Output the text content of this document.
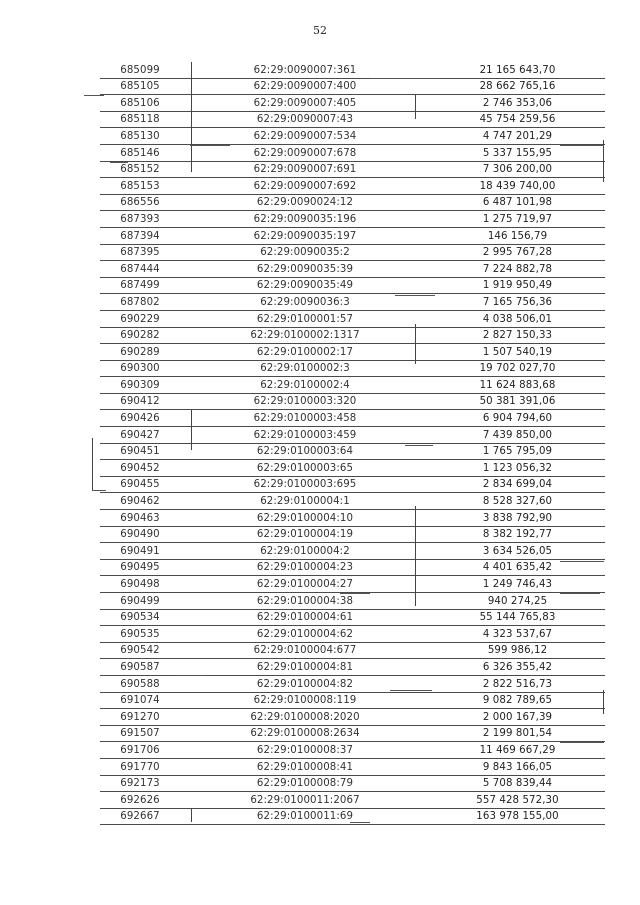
52
685099	62:29:0090007:361	21 165 643,70
685105	62:29:0090007:400	28 662 765,16
685106	62:29:0090007:405	2 746 353,06
685118	62:29:0090007:43	45 754 259,56
685130	62:29:0090007:534	4 747 201,29
685146	62:29:0090007:678	5 337 155,95
685152	62:29:0090007:691	7 306 200,00
685153	62:29:0090007:692	18 439 740,00
686556	62:29:0090024:12	6 487 101,98
687393	62:29:0090035:196	1 275 719,97
687394	62:29:0090035:197	146 156,79
687395	62:29:0090035:2	2 995 767,28
687444	62:29:0090035:39	7 224 882,78
687499	62:29:0090035:49	1 919 950,49
687802	62:29:0090036:3	7 165 756,36
690229	62:29:0100001:57	4 038 506,01
690282	62:29:0100002:1317	2 827 150,33
690289	62:29:0100002:17	1 507 540,19
690300	62:29:0100002:3	19 702 027,70
690309	62:29:0100002:4	11 624 883,68
690412	62:29:0100003:320	50 381 391,06
690426	62:29:0100003:458	6 904 794,60
690427	62:29:0100003:459	7 439 850,00
690451	62:29:0100003:64	1 765 795,09
690452	62:29:0100003:65	1 123 056,32
690455	62:29:0100003:695	2 834 699,04
690462	62:29:0100004:1	8 528 327,60
690463	62:29:0100004:10	3 838 792,90
690490	62:29:0100004:19	8 382 192,77
690491	62:29:0100004:2	3 634 526,05
690495	62:29:0100004:23	4 401 635,42
690498	62:29:0100004:27	1 249 746,43
690499	62:29:0100004:38	940 274,25
690534	62:29:0100004:61	55 144 765,83
690535	62:29:0100004:62	4 323 537,67
690542	62:29:0100004:677	599 986,12
690587	62:29:0100004:81	6 326 355,42
690588	62:29:0100004:82	2 822 516,73
691074	62:29:0100008:119	9 082 789,65
691270	62:29:0100008:2020	2 000 167,39
691507	62:29:0100008:2634	2 199 801,54
691706	62:29:0100008:37	11 469 667,29
691770	62:29:0100008:41	9 843 166,05
692173	62:29:0100008:79	5 708 839,44
692626	62:29:0100011:2067	557 428 572,30
692667	62:29:0100011:69	163 978 155,00
